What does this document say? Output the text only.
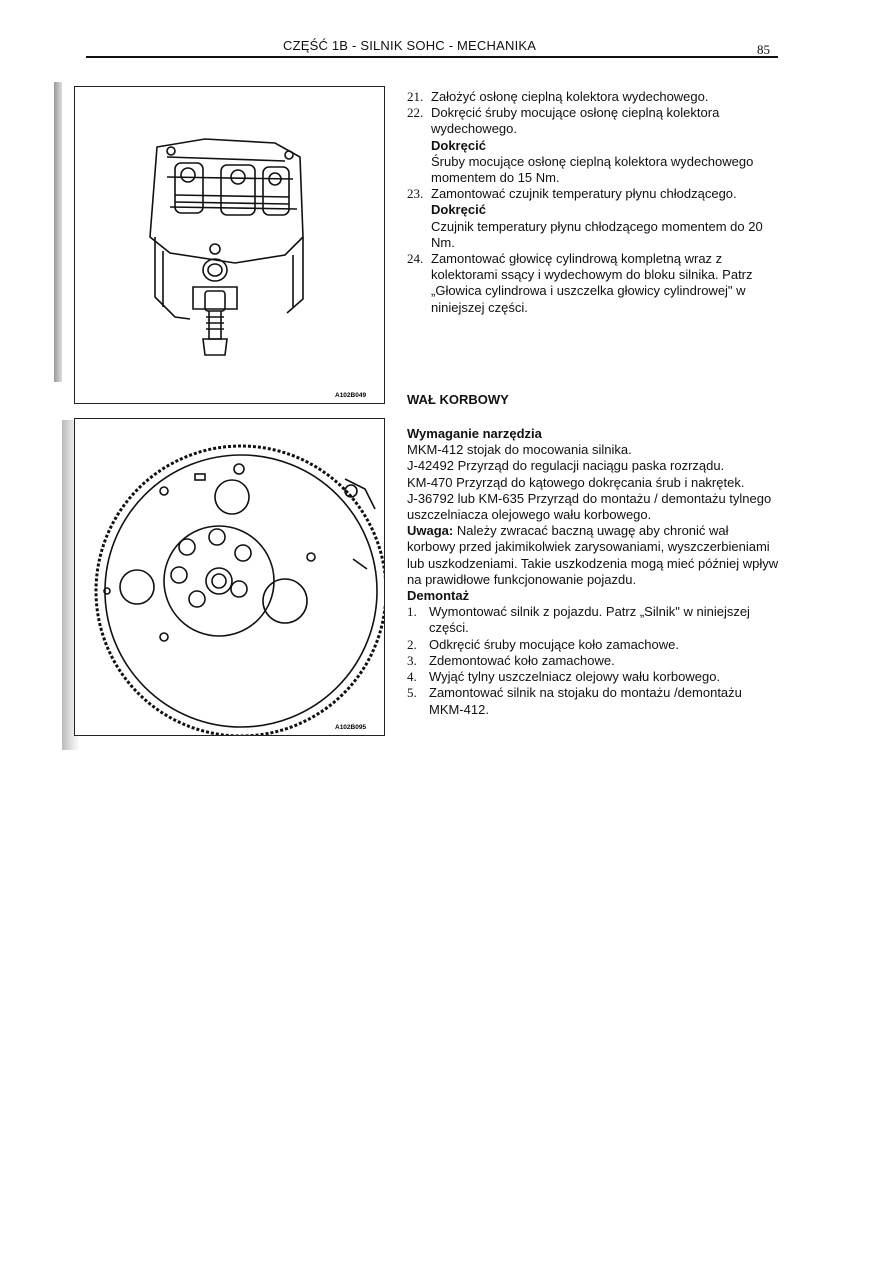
CZĘŚĆ 1B - SILNIK SOHC - MECHANIKA	85
A102B049
A102B095
21. Założyć osłonę cieplną kolektora wydechowego.
22. Dokręcić śruby mocujące osłonę cieplną kolektora wydechowego.
Dokręcić
Śruby mocujące osłonę cieplną kolektora wydechowego momentem do 15 Nm.
23. Zamontować czujnik temperatury płynu chłodzącego.
Dokręcić
Czujnik temperatury płynu chłodzącego momentem do 20 Nm.
24. Zamontować głowicę cylindrową kompletną wraz z kolektorami ssący i wydechowym do bloku silnika. Patrz „Głowica cylindrowa i uszczelka głowicy cylindrowej" w niniejszej części.
WAŁ KORBOWY
Wymaganie narzędzia
MKM-412 stojak do mocowania silnika.
J-42492 Przyrząd do regulacji naciągu paska rozrządu.
KM-470 Przyrząd do kątowego dokręcania śrub i nakrętek.
J-36792 lub KM-635 Przyrząd do montażu / demontażu tylnego uszczelniacza olejowego wału korbowego.
Uwaga: Należy zwracać baczną uwagę aby chronić wał korbowy przed jakimikolwiek zarysowaniami, wyszczerbieniami lub uszkodzeniami. Takie uszkodzenia mogą mieć później wpływ na prawidłowe funkcjonowanie pojazdu.
Demontaż
1. Wymontować silnik z pojazdu. Patrz „Silnik" w niniejszej części.
2. Odkręcić śruby mocujące koło zamachowe.
3. Zdemontować koło zamachowe.
4. Wyjąć tylny uszczelniacz olejowy wału korbowego.
5. Zamontować silnik na stojaku do montażu /demontażu MKM-412.
